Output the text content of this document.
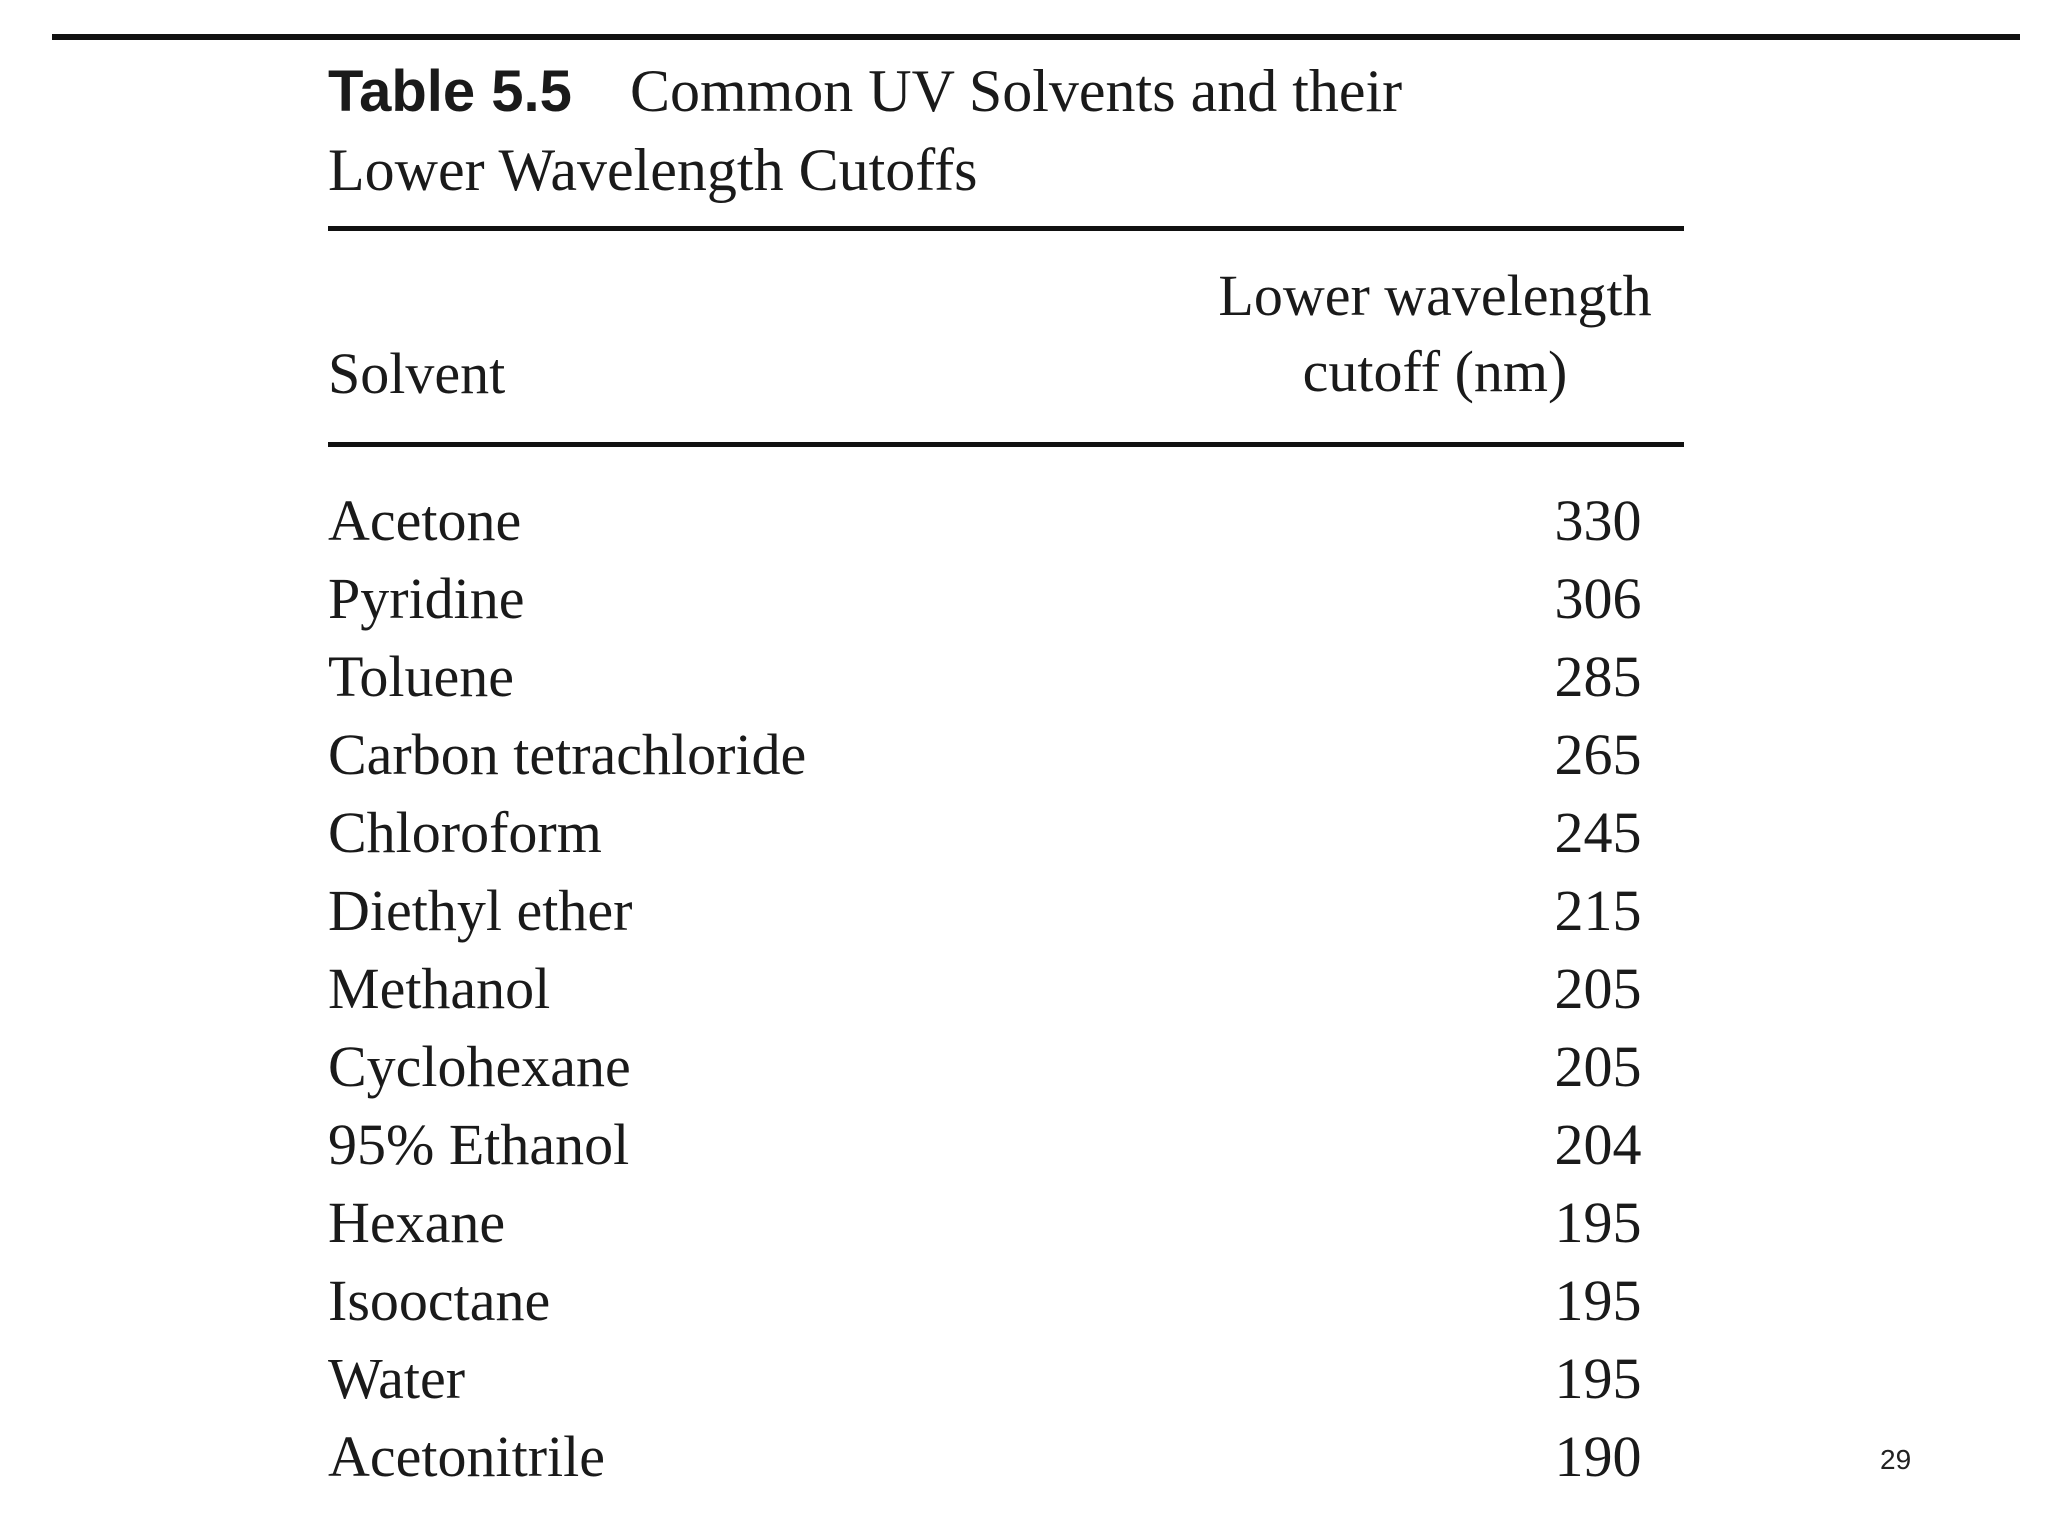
Table 5.5 Common UV Solvents and their
Lower Wavelength Cutoffs
Solvent
Lower wavelength
cutoff (nm)
Acetone	330
Pyridine	306
Toluene	285
Carbon tetrachloride	265
Chloroform	245
Diethyl ether	215
Methanol	205
Cyclohexane	205
95% Ethanol	204
Hexane	195
Isooctane	195
Water	195
Acetonitrile	190	29
